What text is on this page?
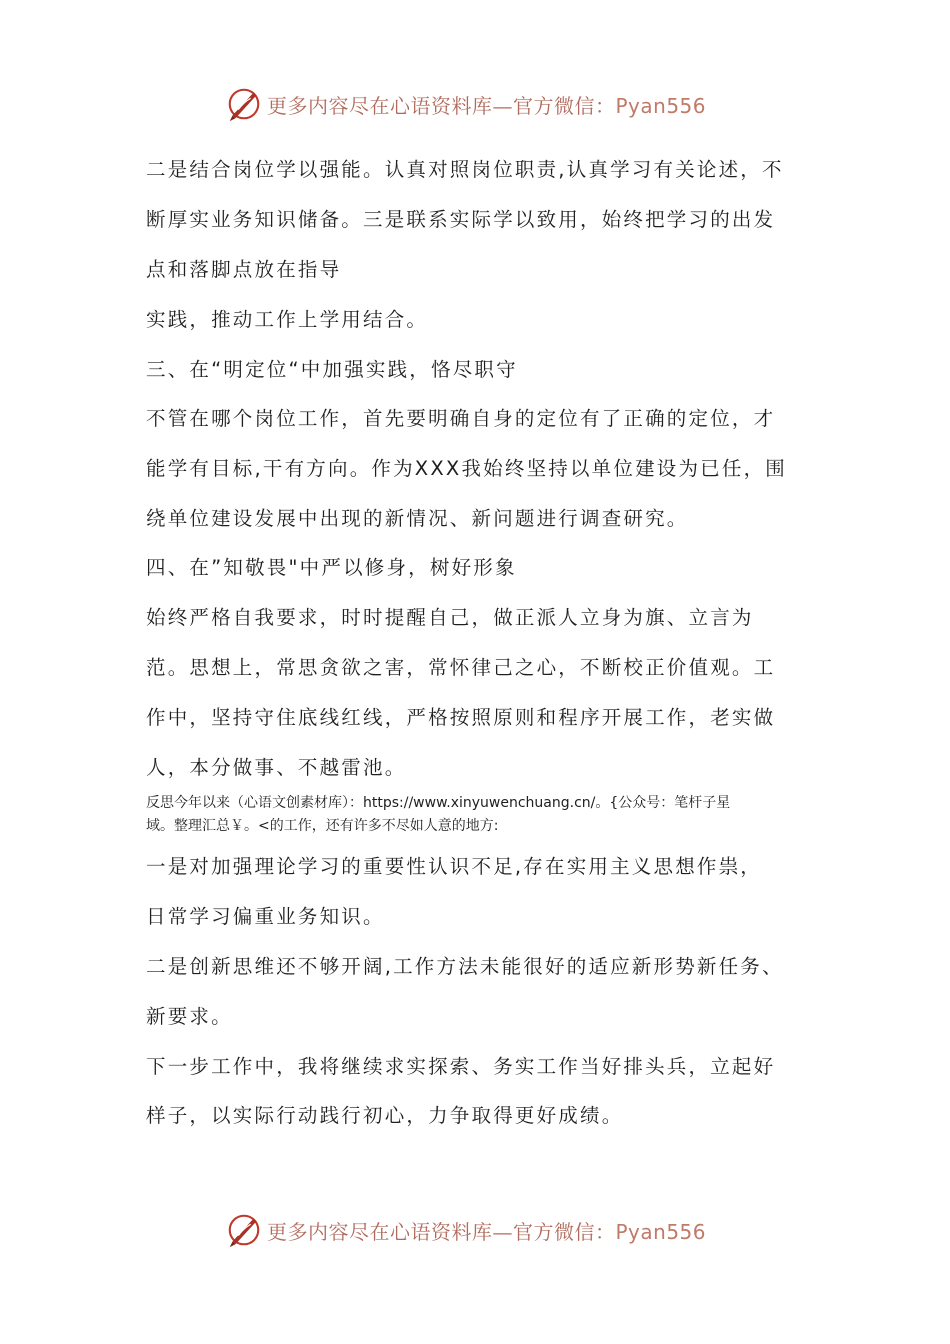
更多内容尽在心语资料库—官方微信：Pyan556
二是结合岗位学以强能。认真对照岗位职责,认真学习有关论述，不
断厚实业务知识储备。三是联系实际学以致用，始终把学习的出发
点和落脚点放在指导
实践，推动工作上学用结合。
三、在“明定位“中加强实践，恪尽职守
不管在哪个岗位工作，首先要明确自身的定位有了正确的定位，才
能学有目标,干有方向。作为XXX我始终坚持以单位建设为已任，围
绕单位建设发展中出现的新情况、新问题进行调查研究。
四、在”知敬畏"中严以修身，树好形象
始终严格自我要求，时时提醒自己，做正派人立身为旗、立言为
范。思想上，常思贪欲之害，常怀律己之心，不断校正价值观。工
作中，坚持守住底线红线，严格按照原则和程序开展工作，老实做
人，本分做事、不越雷池。
反思今年以来（心语文创素材库）：https://www.xinyuwenchuang.cn/。{公众号：笔杆子星
域。整理汇总￥。<的工作，还有许多不尽如人意的地方:
一是对加强理论学习的重要性认识不足,存在实用主义思想作祟，
日常学习偏重业务知识。
二是创新思维还不够开阔,工作方法未能很好的适应新形势新任务、
新要求。
下一步工作中，我将继续求实探索、务实工作当好排头兵，立起好
样子，以实际行动践行初心，力争取得更好成绩。
更多内容尽在心语资料库—官方微信：Pyan556
